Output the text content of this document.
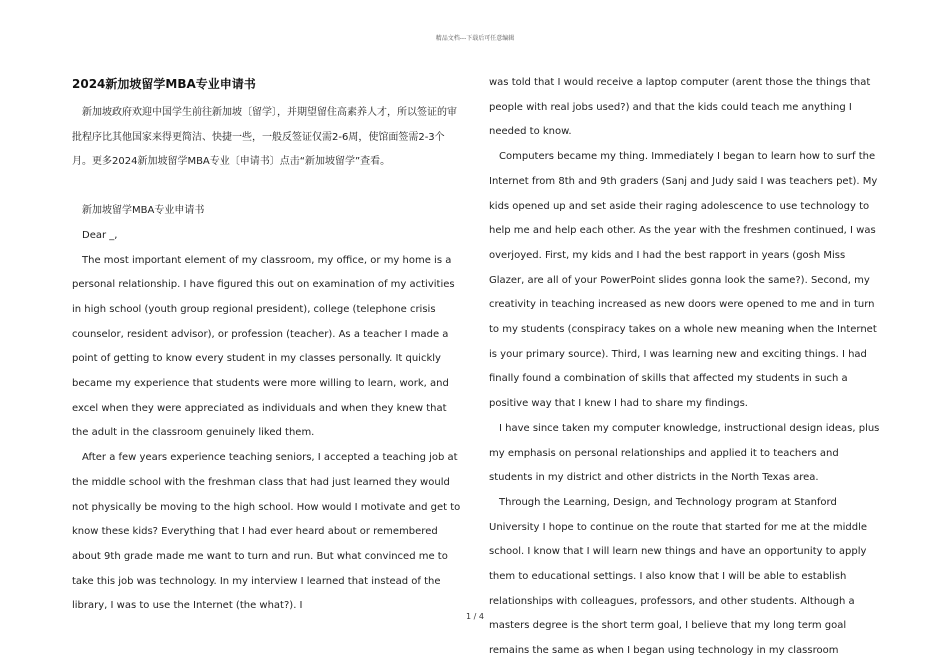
精品文档---下载后可任意编辑
2024新加坡留学MBA专业申请书

新加坡政府欢迎中国学生前往新加坡〔留学〕，并期望留住高素养人才，所以签证的审批程序比其他国家来得更简洁、快捷一些，一般反签证仅需2-6周，使馆面签需2-3个月。更多2024新加坡留学MBA专业〔申请书〕点击“新加坡留学”查看。

新加坡留学MBA专业申请书

Dear _,

The most important element of my classroom, my office, or my home is a personal relationship. I have figured this out on examination of my activities in high school (youth group regional president), college (telephone crisis counselor, resident advisor), or profession (teacher). As a teacher I made a point of getting to know every student in my classes personally. It quickly became my experience that students were more willing to learn, work, and excel when they were appreciated as individuals and when they knew that the adult in the classroom genuinely liked them.

After a few years experience teaching seniors, I accepted a teaching job at the middle school with the freshman class that had just learned they would not physically be moving to the high school. How would I motivate and get to know these kids? Everything that I had ever heard about or remembered about 9th grade made me want to turn and run. But what convinced me to take this job was technology. In my interview I learned that instead of the library, I was to use the Internet (the what?). I

was told that I would receive a laptop computer (arent those the things that people with real jobs used?) and that the kids could teach me anything I needed to know.

Computers became my thing. Immediately I began to learn how to surf the Internet from 8th and 9th graders (Sanj and Judy said I was teachers pet). My kids opened up and set aside their raging adolescence to use technology to help me and help each other. As the year with the freshmen continued, I was overjoyed. First, my kids and I had the best rapport in years (gosh Miss Glazer, are all of your PowerPoint slides gonna look the same?). Second, my creativity in teaching increased as new doors were opened to me and in turn to my students (conspiracy takes on a whole new meaning when the Internet is your primary source). Third, I was learning new and exciting things. I had finally found a combination of skills that affected my students in such a positive way that I knew I had to share my findings.

I have since taken my computer knowledge, instructional design ideas, plus my emphasis on personal relationships and applied it to teachers and students in my district and other districts in the North Texas area.

Through the Learning, Design, and Technology program at Stanford University I hope to continue on the route that started for me at the middle school. I know that I will learn new things and have an opportunity to apply them to educational settings. I also know that I will be able to establish relationships with colleagues, professors, and other students. Although a masters degree is the short term goal, I believe that my long term goal remains the same as when I began using technology in my classroom

1 / 4
